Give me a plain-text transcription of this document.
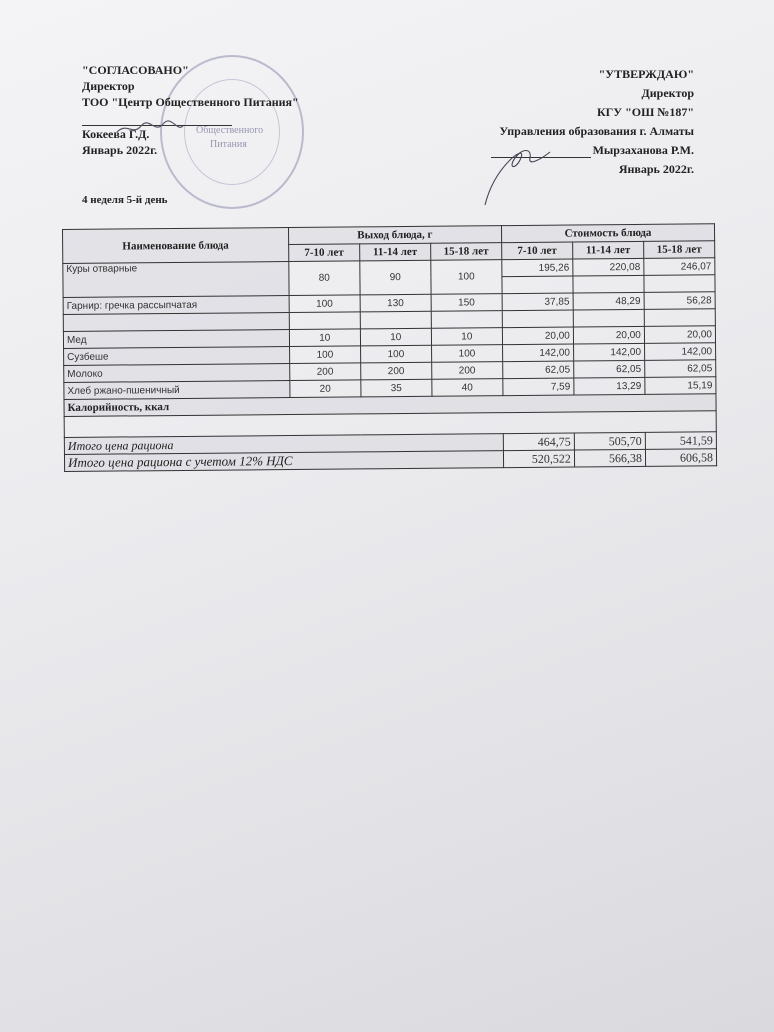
Общественного
Питания
"СОГЛАСОВАНО"
Директор
ТОО "Центр Общественного Питания"
Кокеева Г.Д.
Январь 2022г.
"УТВЕРЖДАЮ"
Директор
КГУ "ОШ №187"
Управления образования г. Алматы
Мырзаханова Р.М.
Январь 2022г.
4 неделя 5-й день
Наименование блюда	Выход блюда, г			Стоимость блюда		
	7-10 лет	11-14 лет	15-18 лет	7-10 лет	11-14 лет	15-18 лет
Куры отварные	80	90	100	195,26	220,08	246,07

Гарнир: гречка рассыпчатая	100	130	150	37,85	48,29	56,28

Мед	10	10	10	20,00	20,00	20,00
Сузбеше	100	100	100	142,00	142,00	142,00
Молоко	200	200	200	62,05	62,05	62,05
Хлеб ржано-пшеничный	20	35	40	7,59	13,29	15,19
Калорийность, ккал						

Итого цена рациона				464,75	505,70	541,59
Итого цена рациона с учетом 12% НДС				520,522	566,38	606,58
